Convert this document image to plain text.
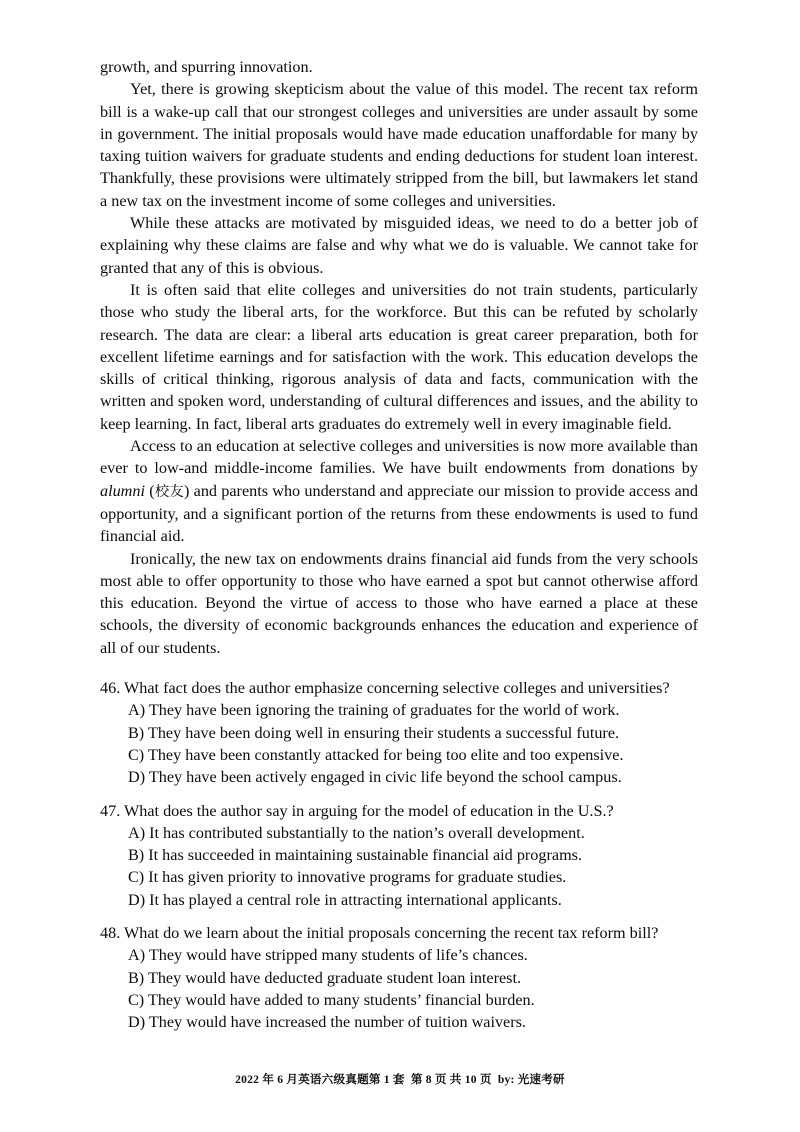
growth, and spurring innovation.

Yet, there is growing skepticism about the value of this model. The recent tax reform bill is a wake-up call that our strongest colleges and universities are under assault by some in government. The initial proposals would have made education unaffordable for many by taxing tuition waivers for graduate students and ending deductions for student loan interest. Thankfully, these provisions were ultimately stripped from the bill, but lawmakers let stand a new tax on the investment income of some colleges and universities.

While these attacks are motivated by misguided ideas, we need to do a better job of explaining why these claims are false and why what we do is valuable. We cannot take for granted that any of this is obvious.

It is often said that elite colleges and universities do not train students, particularly those who study the liberal arts, for the workforce. But this can be refuted by scholarly research. The data are clear: a liberal arts education is great career preparation, both for excellent lifetime earnings and for satisfaction with the work. This education develops the skills of critical thinking, rigorous analysis of data and facts, communication with the written and spoken word, understanding of cultural differences and issues, and the ability to keep learning. In fact, liberal arts graduates do extremely well in every imaginable field.

Access to an education at selective colleges and universities is now more available than ever to low-and middle-income families. We have built endowments from donations by alumni (校友) and parents who understand and appreciate our mission to provide access and opportunity, and a significant portion of the returns from these endowments is used to fund financial aid.

Ironically, the new tax on endowments drains financial aid funds from the very schools most able to offer opportunity to those who have earned a spot but cannot otherwise afford this education. Beyond the virtue of access to those who have earned a place at these schools, the diversity of economic backgrounds enhances the education and experience of all of our students.

46. What fact does the author emphasize concerning selective colleges and universities?

A) They have been ignoring the training of graduates for the world of work.

B) They have been doing well in ensuring their students a successful future.

C) They have been constantly attacked for being too elite and too expensive.

D) They have been actively engaged in civic life beyond the school campus.

47. What does the author say in arguing for the model of education in the U.S.?

A) It has contributed substantially to the nation’s overall development.

B) It has succeeded in maintaining sustainable financial aid programs.

C) It has given priority to innovative programs for graduate studies.

D) It has played a central role in attracting international applicants.

48. What do we learn about the initial proposals concerning the recent tax reform bill?

A) They would have stripped many students of life’s chances.

B) They would have deducted graduate student loan interest.

C) They would have added to many students’ financial burden.

D) They would have increased the number of tuition waivers.

2022 年 6 月英语六级真题第 1 套 第 8 页 共 10 页 by: 光速考研
